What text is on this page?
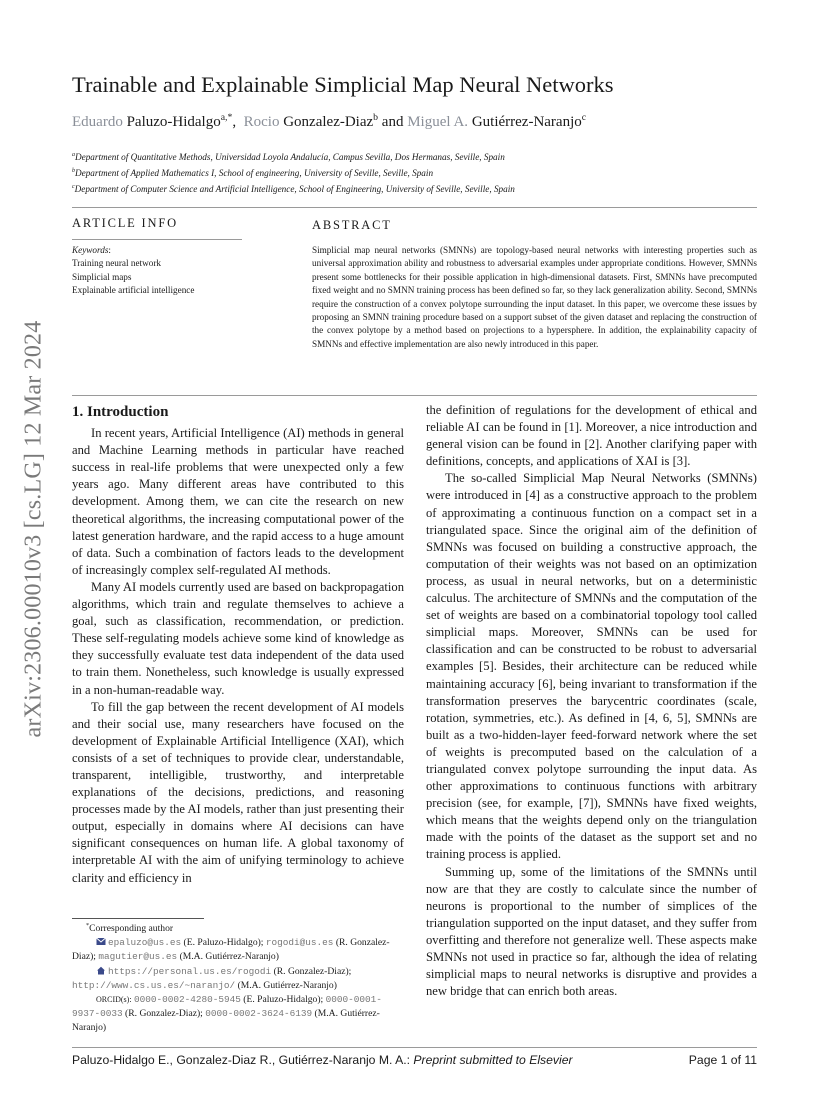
arXiv:2306.00010v3 [cs.LG] 12 Mar 2024
Trainable and Explainable Simplicial Map Neural Networks
Eduardo Paluzo-Hidalgo$^{a,*}$, Rocio Gonzalez-Diaz$^b$ and Miguel A. Gutiérrez-Naranjo$^c$
$^a$Department of Quantitative Methods, Universidad Loyola Andalucía, Campus Sevilla, Dos Hermanas, Seville, Spain
$^b$Department of Applied Mathematics I, School of engineering, University of Seville, Seville, Spain
$^c$Department of Computer Science and Artificial Intelligence, School of Engineering, University of Seville, Seville, Spain
ARTICLE INFO
Keywords:
Training neural network
Simplicial maps
Explainable artificial intelligence
ABSTRACT
Simplicial map neural networks (SMNNs) are topology-based neural networks with interesting properties such as universal approximation ability and robustness to adversarial examples under appropriate conditions. However, SMNNs present some bottlenecks for their possible application in high-dimensional datasets. First, SMNNs have precomputed fixed weight and no SMNN training process has been defined so far, so they lack generalization ability. Second, SMNNs require the construction of a convex polytope surrounding the input dataset. In this paper, we overcome these issues by proposing an SMNN training procedure based on a support subset of the given dataset and replacing the construction of the convex polytope by a method based on projections to a hypersphere. In addition, the explainability capacity of SMNNs and effective implementation are also newly introduced in this paper.
1. Introduction

In recent years, Artificial Intelligence (AI) methods in general and Machine Learning methods in particular have reached success in real-life problems that were unexpected only a few years ago. Many different areas have contributed to this development. Among them, we can cite the research on new theoretical algorithms, the increasing computational power of the latest generation hardware, and the rapid access to a huge amount of data. Such a combination of factors leads to the development of increasingly complex self-regulated AI methods.

Many AI models currently used are based on backpropagation algorithms, which train and regulate themselves to achieve a goal, such as classification, recommendation, or prediction. These self-regulating models achieve some kind of knowledge as they successfully evaluate test data independent of the data used to train them. Nonetheless, such knowledge is usually expressed in a non-human-readable way.

To fill the gap between the recent development of AI models and their social use, many researchers have focused on the development of Explainable Artificial Intelligence (XAI), which consists of a set of techniques to provide clear, understandable, transparent, intelligible, trustworthy, and interpretable explanations of the decisions, predictions, and reasoning processes made by the AI models, rather than just presenting their output, especially in domains where AI decisions can have significant consequences on human life. A global taxonomy of interpretable AI with the aim of unifying terminology to achieve clarity and efficiency in

the definition of regulations for the development of ethical and reliable AI can be found in [1]. Moreover, a nice introduction and general vision can be found in [2]. Another clarifying paper with definitions, concepts, and applications of XAI is [3].

The so-called Simplicial Map Neural Networks (SMNNs) were introduced in [4] as a constructive approach to the problem of approximating a continuous function on a compact set in a triangulated space. Since the original aim of the definition of SMNNs was focused on building a constructive approach, the computation of their weights was not based on an optimization process, as usual in neural networks, but on a deterministic calculus. The architecture of SMNNs and the computation of the set of weights are based on a combinatorial topology tool called simplicial maps. Moreover, SMNNs can be used for classification and can be constructed to be robust to adversarial examples [5]. Besides, their architecture can be reduced while maintaining accuracy [6], being invariant to transformation if the transformation preserves the barycentric coordinates (scale, rotation, symmetries, etc.). As defined in [4, 6, 5], SMNNs are built as a two-hidden-layer feed-forward network where the set of weights is precomputed based on the calculation of a triangulated convex polytope surrounding the input data. As other approximations to continuous functions with arbitrary precision (see, for example, [7]), SMNNs have fixed weights, which means that the weights depend only on the triangulation made with the points of the dataset as the support set and no training process is applied.

Summing up, some of the limitations of the SMNNs until now are that they are costly to calculate since the number of neurons is proportional to the number of simplices of the triangulation supported on the input dataset, and they suffer from overfitting and therefore not generalize well. These aspects make SMNNs not used in practice so far, although the idea of relating simplicial maps to neural networks is disruptive and provides a new bridge that can enrich both areas.

*Corresponding author
epaluzo@us.es (E. Paluzo-Hidalgo); rogodi@us.es (R. Gonzalez-Diaz); magutier@us.es (M.A. Gutiérrez-Naranjo)
https://personal.us.es/rogodi (R. Gonzalez-Diaz); http://www.cs.us.es/~naranjo/ (M.A. Gutiérrez-Naranjo)
ORCID(s): 0000-0002-4280-5945 (E. Paluzo-Hidalgo); 0000-0001-9937-0033 (R. Gonzalez-Diaz); 0000-0002-3624-6139 (M.A. Gutiérrez-Naranjo)
Paluzo-Hidalgo E., Gonzalez-Diaz R., Gutiérrez-Naranjo M. A.: Preprint submitted to Elsevier	Page 1 of 11
